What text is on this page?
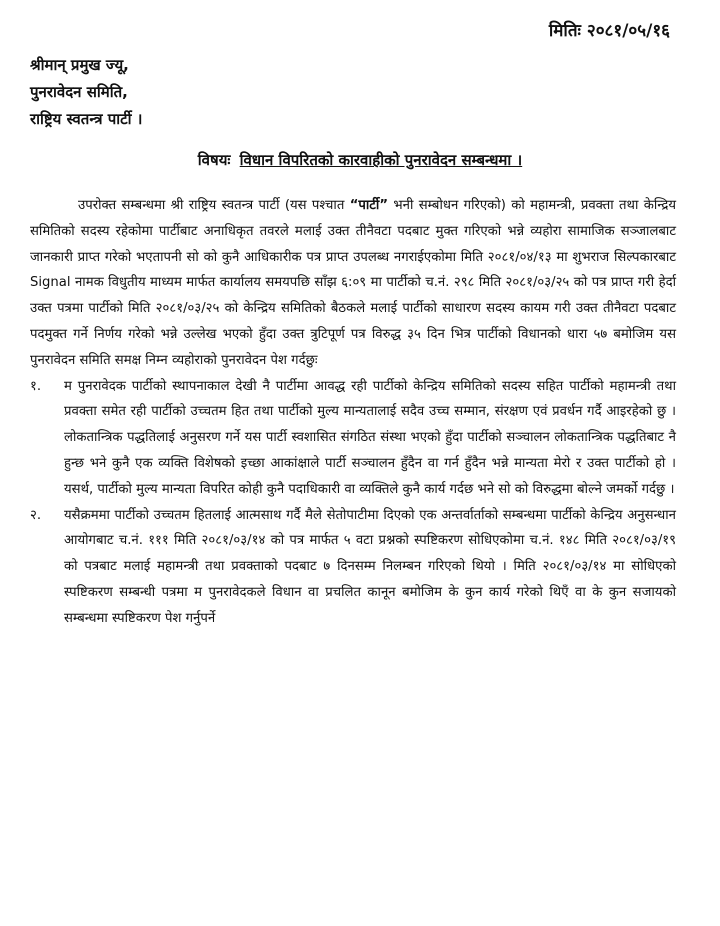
मितिः २०८१/०५/१६
श्रीमान् प्रमुख ज्यू,
पुनरावेदन समिति,
राष्ट्रिय स्वतन्त्र पार्टी ।
विषयः विधान विपरितको कारवाहीको पुनरावेदन सम्बन्धमा ।

उपरोक्त सम्बन्धमा श्री राष्ट्रिय स्वतन्त्र पार्टी (यस पश्चात “पार्टी” भनी सम्बोधन गरिएको) को महामन्त्री, प्रवक्ता तथा केन्द्रिय समितिको सदस्य रहेकोमा पार्टीबाट अनाधिकृत तवरले मलाई उक्त तीनैवटा पदबाट मुक्त गरिएको भन्ने व्यहोरा सामाजिक सञ्जालबाट जानकारी प्राप्त गरेको भएतापनी सो को कुनै आधिकारीक पत्र प्राप्त उपलब्ध नगराईएकोमा मिति २०८१/०४/१३ मा शुभराज सिल्पकारबाट Signal नामक विधुतीय माध्यम मार्फत कार्यालय समयपछि साँझ ६:०९ मा पार्टीको च.नं. २९८ मिति २०८१/०३/२५ को पत्र प्राप्त गरी हेर्दा उक्त पत्रमा पार्टीको मिति २०८१/०३/२५ को केन्द्रिय समितिको बैठकले मलाई पार्टीको साधारण सदस्य कायम गरी उक्त तीनैवटा पदबाट पदमुक्त गर्ने निर्णय गरेको भन्ने उल्लेख भएको हुँदा उक्त त्रुटिपूर्ण पत्र विरुद्ध ३५ दिन भित्र पार्टीको विधानको धारा ५७ बमोजिम यस पुनरावेदन समिति समक्ष निम्न व्यहोराको पुनरावेदन पेश गर्दछुः

१. म पुनरावेदक पार्टीको स्थापनाकाल देखी नै पार्टीमा आवद्ध रही पार्टीको केन्द्रिय समितिको सदस्य सहित पार्टीको महामन्त्री तथा प्रवक्ता समेत रही पार्टीको उच्चतम हित तथा पार्टीको मुल्य मान्यतालाई सदैव उच्च सम्मान, संरक्षण एवं प्रवर्धन गर्दै आइरहेको छु । लोकतान्त्रिक पद्धतिलाई अनुसरण गर्ने यस पार्टी स्वशासित संगठित संस्था भएको हुँदा पार्टीको सञ्चालन लोकतान्त्रिक पद्धतिबाट नै हुन्छ भने कुनै एक व्यक्ति विशेषको इच्छा आकांक्षाले पार्टी सञ्चालन हुँदैन वा गर्न हुँदैन भन्ने मान्यता मेरो र उक्त पार्टीको हो । यसर्थ, पार्टीको मुल्य मान्यता विपरित कोही कुनै पदाधिकारी वा व्यक्तिले कुनै कार्य गर्दछ भने सो को विरुद्धमा बोल्ने जमर्को गर्दछु ।
२. यसैक्रममा पार्टीको उच्चतम हितलाई आत्मसाथ गर्दै मैले सेतोपाटीमा दिएको एक अन्तर्वार्ताको सम्बन्धमा पार्टीको केन्द्रिय अनुसन्धान आयोगबाट च.नं. १११ मिति २०८१/०३/१४ को पत्र मार्फत ५ वटा प्रश्नको स्पष्टिकरण सोधिएकोमा च.नं. १४८ मिति २०८१/०३/१९ को पत्रबाट मलाई महामन्त्री तथा प्रवक्ताको पदबाट ७ दिनसम्म निलम्बन गरिएको थियो । मिति २०८१/०३/१४ मा सोधिएको स्पष्टिकरण सम्बन्धी पत्रमा म पुनरावेदकले विधान वा प्रचलित कानून बमोजिम के कुन कार्य गरेको थिएँ वा के कुन सजायको सम्बन्धमा स्पष्टिकरण पेश गर्नुपर्ने
